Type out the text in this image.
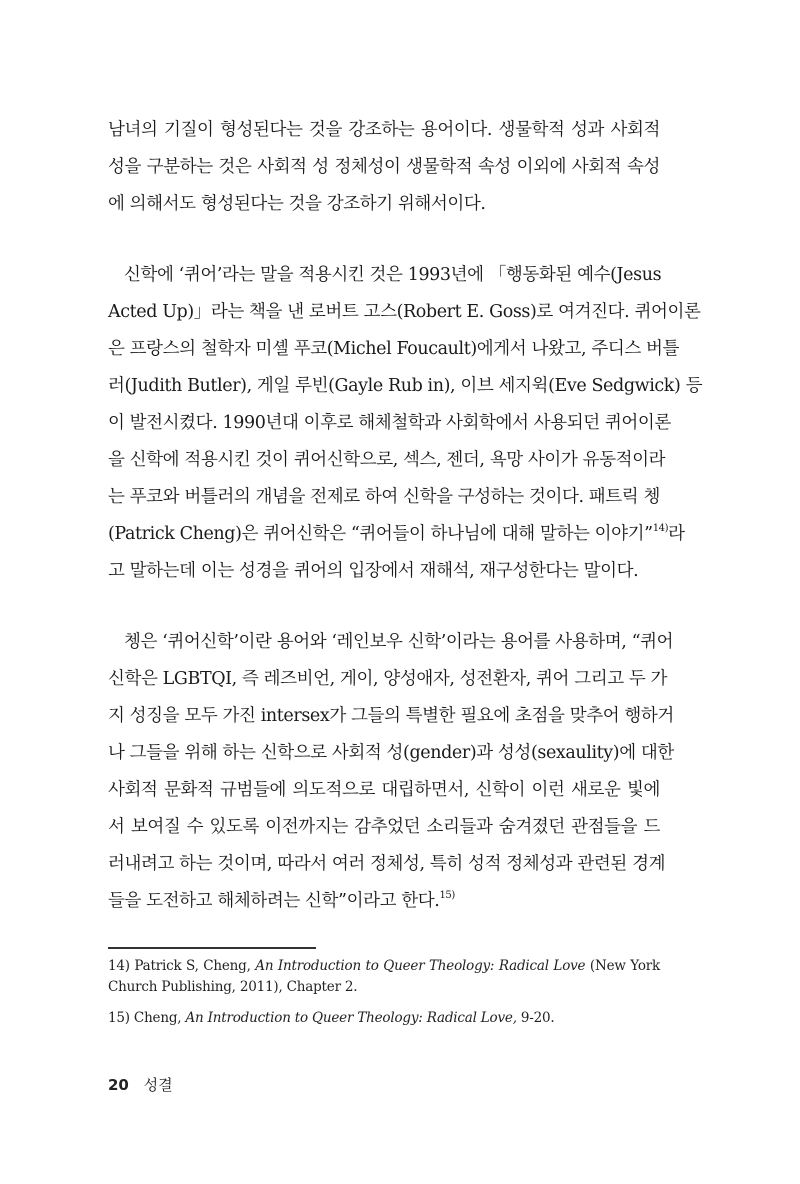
남녀의 기질이 형성된다는 것을 강조하는 용어이다. 생물학적 성과 사회적
성을 구분하는 것은 사회적 성 정체성이 생물학적 속성 이외에 사회적 속성
에 의해서도 형성된다는 것을 강조하기 위해서이다.

신학에 ‘퀴어’라는 말을 적용시킨 것은 1993년에 「행동화된 예수(Jesus
Acted Up)」라는 책을 낸 로버트 고스(Robert E. Goss)로 여겨진다. 퀴어이론
은 프랑스의 철학자 미셸 푸코(Michel Foucault)에게서 나왔고, 주디스 버틀
러(Judith Butler), 게일 루빈(Gayle Rub in), 이브 세지윅(Eve Sedgwick) 등
이 발전시켰다. 1990년대 이후로 해체철학과 사회학에서 사용되던 퀴어이론
을 신학에 적용시킨 것이 퀴어신학으로, 섹스, 젠더, 욕망 사이가 유동적이라
는 푸코와 버틀러의 개념을 전제로 하여 신학을 구성하는 것이다. 패트릭 쳉
(Patrick Cheng)은 퀴어신학은 “퀴어들이 하나님에 대해 말하는 이야기”$^{14)}$라
고 말하는데 이는 성경을 퀴어의 입장에서 재해석, 재구성한다는 말이다.

쳉은 ‘퀴어신학’이란 용어와 ‘레인보우 신학’이라는 용어를 사용하며, “퀴어
신학은 LGBTQI, 즉 레즈비언, 게이, 양성애자, 성전환자, 퀴어 그리고 두 가
지 성징을 모두 가진 intersex가 그들의 특별한 필요에 초점을 맞추어 행하거
나 그들을 위해 하는 신학으로 사회적 성(gender)과 성성(sexaulity)에 대한
사회적 문화적 규범들에 의도적으로 대립하면서, 신학이 이런 새로운 빛에
서 보여질 수 있도록 이전까지는 감추었던 소리들과 숨겨졌던 관점들을 드
러내려고 하는 것이며, 따라서 여러 정체성, 특히 성적 정체성과 관련된 경계
들을 도전하고 해체하려는 신학”이라고 한다.$^{15)}$

14) Patrick S, Cheng, An Introduction to Queer Theology: Radical Love (New York Church Publishing, 2011), Chapter 2.

15) Cheng, An Introduction to Queer Theology: Radical Love, 9-20.

20 성결
